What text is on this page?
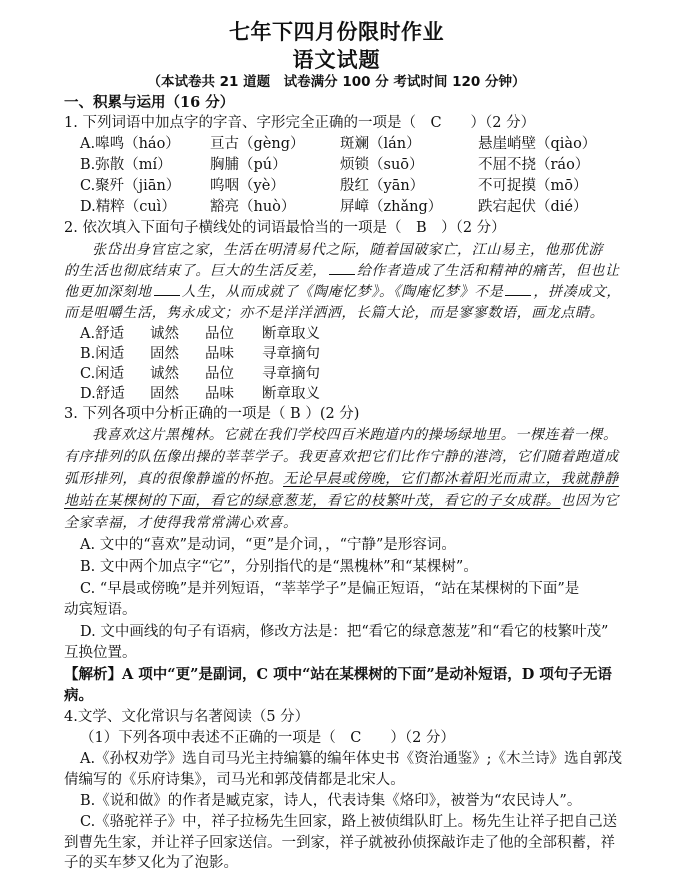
七年下四月份限时作业
语文试题
（本试卷共 21 道题　试卷满分 100 分 考试时间 120 分钟）
一、积累与运用（16 分）
1. 下列词语中加点字的字音、字形完全正确的一项是（　C　　）（2 分）
A.嗥鸣（háo） 亘古（gèng） 斑斓（lán）	悬崖峭壁（qiào）
B.弥散（mí）	胸脯（pú）	烦锁（suō）	不屈不挠（ráo）
C.聚歼（jiān） 呜咽（yè）	殷红（yān）	不可捉摸（mō）
D.精粹（cuì） 豁亮（huò）	屏嶂（zhǎng） 跌宕起伏（dié）
2. 依次填入下面句子横线处的词语最恰当的一项是（　B　）（2 分）
张岱出身官宦之家，生活在明清易代之际，随着国破家亡，江山易主，他那优游
的生活也彻底结束了。巨大的生活反差， 给作者造成了生活和精神的痛苦，但也让
他更加深刻地 人生，从而成就了《陶庵忆梦》。《陶庵忆梦》不是 ，拼凑成文，
而是咀嚼生活，隽永成文；亦不是洋洋洒洒，长篇大论，而是寥寥数语，画龙点睛。
A.舒适 诚然 品位 断章取义
B.闲适 固然 品味 寻章摘句
C.闲适 诚然 品位 寻章摘句
D.舒适 固然 品味 断章取义
3. 下列各项中分析正确的一项是（ B ）(2 分)
我喜欢这片黑槐林。它就在我们学校四百米跑道内的操场绿地里。一棵连着一棵。
有序排列的队伍像出操的莘莘学子。我更喜欢把它们比作宁静的港湾，它们随着跑道成
弧形排列，真的很像静谧的怀抱。无论早晨或傍晚，它们都沐着阳光而肃立，我就静静
地站在某棵树的下面，看它的绿意葱茏，看它的枝繁叶茂，看它的子女成群。也因为它
全家幸福，才使得我常常满心欢喜。
A. 文中的“喜欢”是动词，“更”是介词，，“宁静”是形容词。
B. 文中两个加点字“它”，分别指代的是“黑槐林”和“某棵树”。
C. “早晨或傍晚”是并列短语，“莘莘学子”是偏正短语，“站在某棵树的下面”是
动宾短语。
D. 文中画线的句子有语病，修改方法是：把“看它的绿意葱茏”和“看它的枝繁叶茂”
互换位置。
【解析】A 项中“更”是副词，C 项中“站在某棵树的下面”是动补短语，D 项句子无语
病。
4.文学、文化常识与名著阅读（5 分）
（1）下列各项中表述不正确的一项是（　C　　）（2 分）
A.《孙权劝学》选自司马光主持编纂的编年体史书《资治通鉴》;《木兰诗》选自郭茂
倩编写的《乐府诗集》，司马光和郭茂倩都是北宋人。
B.《说和做》的作者是臧克家，诗人，代表诗集《烙印》，被誉为“农民诗人”。
C.《骆驼祥子》中，祥子拉杨先生回家，路上被侦缉队盯上。杨先生让祥子把自己送
到曹先生家，并让祥子回家送信。一到家，祥子就被孙侦探敲诈走了他的全部积蓄，祥
子的买车梦又化为了泡影。
